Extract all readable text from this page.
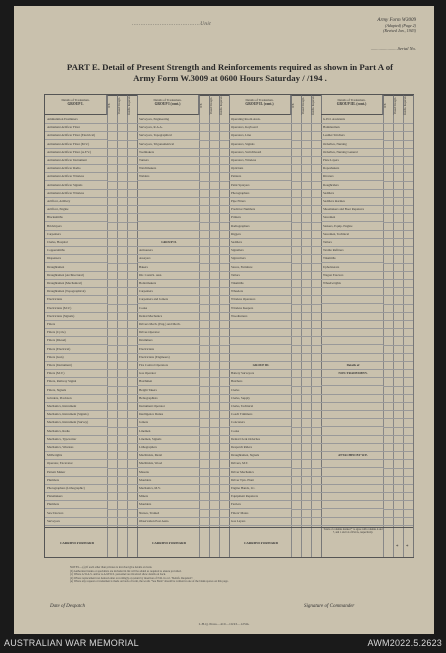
.......................................Unit
Army Form W3009
(Adapted) (Page 2)
(Revised Jan., 1943)
........................Serial No.
PART E. Detail of Present Strength and Reinforcements required as shown in Part A of Army Form W.3009 at 0600 Hours Saturday / /194 .
Details of Tradesmen.
GROUP I.	W.E.	Posted Strength.	Reinfts. Required.
Ammunition Examiners
Armament Artificer Fitter
Armament Artificer Fitter (Electrical)
Armament Artificer Fitter (M.V.)
Armament Artificer Fitter (A.F.V.)
Armament Artificer Instrument
Armament Artificer Radio
Armament Artificer Wireless
Armament Artificer Signals
Armament Artificer Wireless
Artificer, Artillery
Artificer, Engine
Blacksmiths
Bricklayers
Carpenters
Clerks, Hospital
Coppersmiths
Dispensers
Draughtsmen
Draughtsmen (Architectural)
Draughtsmen (Mechanical)
Draughtsmen (Topographical)
Electricians
Electricians (M.V.)
Electricians (Signals)
Fitters
Fitters (Cycle)
Fitters (Diesel)
Fitters (Electrical)
Fitters (Gun)
Fitters (Instrument)
Fitters (M.V.)
Fitters, Railway Signal
Fitters, Signals
Grinders, Precision
Mechanics, Instrument
Mechanics, Instrument (Signals)
Mechanics, Instrument (Survey)
Mechanics, Radio
Mechanics, Typewriter
Mechanics, Wireless
Millwrights
Operator, Excavator
Pattern Maker
Plumbers
Photographers (Lithographic)
Platemakers
Plumbers
Saw Doctors
Surveyors
CARRIED FORWARD
Details of Tradesmen.
GROUP I (cont.)	W.E.	Posted Strength.	Reinfts. Required.
Surveyors, Engineering
Surveyors, R.A.A.
Surveyors, Topographical
Surveyors, Trigonometrical
Toolmakers
Turners
Watchmakers
Welders
GROUP II.
Armourers
Assayers
Bakers
Dir. Const'n. Asst.
Boilermakers
Carpenters
Carpenters and Joiners
Cooks
Dental Mechanics
Drivers Mech. (Eng.) and Mech.
Driver-Operator
Drummers
Electricians
Electricians (Engineers)
Fire Control Operators
Gas Operator
Hatchmen
Height Takers
Heliographists
Instrument Operator
Intelligence Duties
Joiners
Linemen
Linemen, Signals
Lithographers
Machinists, Metal
Machinists, Wood
Masons
Moulders
Mechanics, M.V.
Miners
Moulders
Nurses, Trained
Observation Post Assts.
CARRIED FORWARD
Details of Tradesmen.
GROUP II. (cont.)	W.E.	Posted Strength.	Reinfts. Required.
Operating Room Assts.
Operators, Keyboard
Operators, Line
Operators, Signals
Operators, Switchboard
Operators, Wireless
Opticians
Painters
Paint Sprayers
Photographers
Pipe Fitters
Predictor Numbers
Printers
Radiographers
Riggers
Saddlers
Signallers
Signwriters
Stores, Furniture
Tailors
Tinsmiths
Wheelers
Wireless Operators
Wireless Keepers
Woodturners
GROUP III.
Battery Surveyors
Butchers
Clerks
Clerks, Supply
Clerks, Technical
Coach Trimmers
Concreters
Cooks
Dental Clerk Orderlies
Despatch Riders
Draughtsmen, Signals
Drivers, M.T.
Driver Mechanics
Driver Tpts. Plant
Engine Hands, I.C.
Equipment Repairers
Farriers
Fitters' Mates
Gas Layers
CARRIED FORWARD
Details of Tradesmen.
GROUP III. (cont.)	W.E.	Posted Strength.	Reinfts. Required.
G.P.O. Assistants
Hammermen
Leather Stitchers
Orderlies, Nursing
Orderlies, Nursing General
Plate Layers
Ropeshakers
Riveters
Roughriders
Saddlers
Saddlers marines
Shoemakers and Boot Repairers
Storemen
Stokers, Equip. Engine
Storemen, Technical
Tailors
Textile Refitters
Tinsmiths
Upholsterers
Wagon Erectors
Wheelwrights
Details of
NON-TRADESMEN.
ATTACHED BY W.E.
Totals of columns marked * to agree with columns 4 and 7, and 1 and 14 of Part A, respectively.
* *
NOTES.—(a) If each other than privates is involved give details on back.
(b) Authorized trades or specialists are included in list will be added as required to ensure provided.
(c) Where A.W.A.S. and/or A.A.M.W.S. personnel are involved show details on back.
(d) Where replacement not desired enter accordingly on return by insertion of N.R. in col. "Reinfs. Required".
(e) Where any request or tradesmen is made on back of form, the words "See Back" should be written in one of the blank spaces on this page.
Date of Despatch	Signature of Commander
L.H.Q. Press—410—10/43—125m.
AUSTRALIAN WAR MEMORIAL	AWM2022.5.2623
